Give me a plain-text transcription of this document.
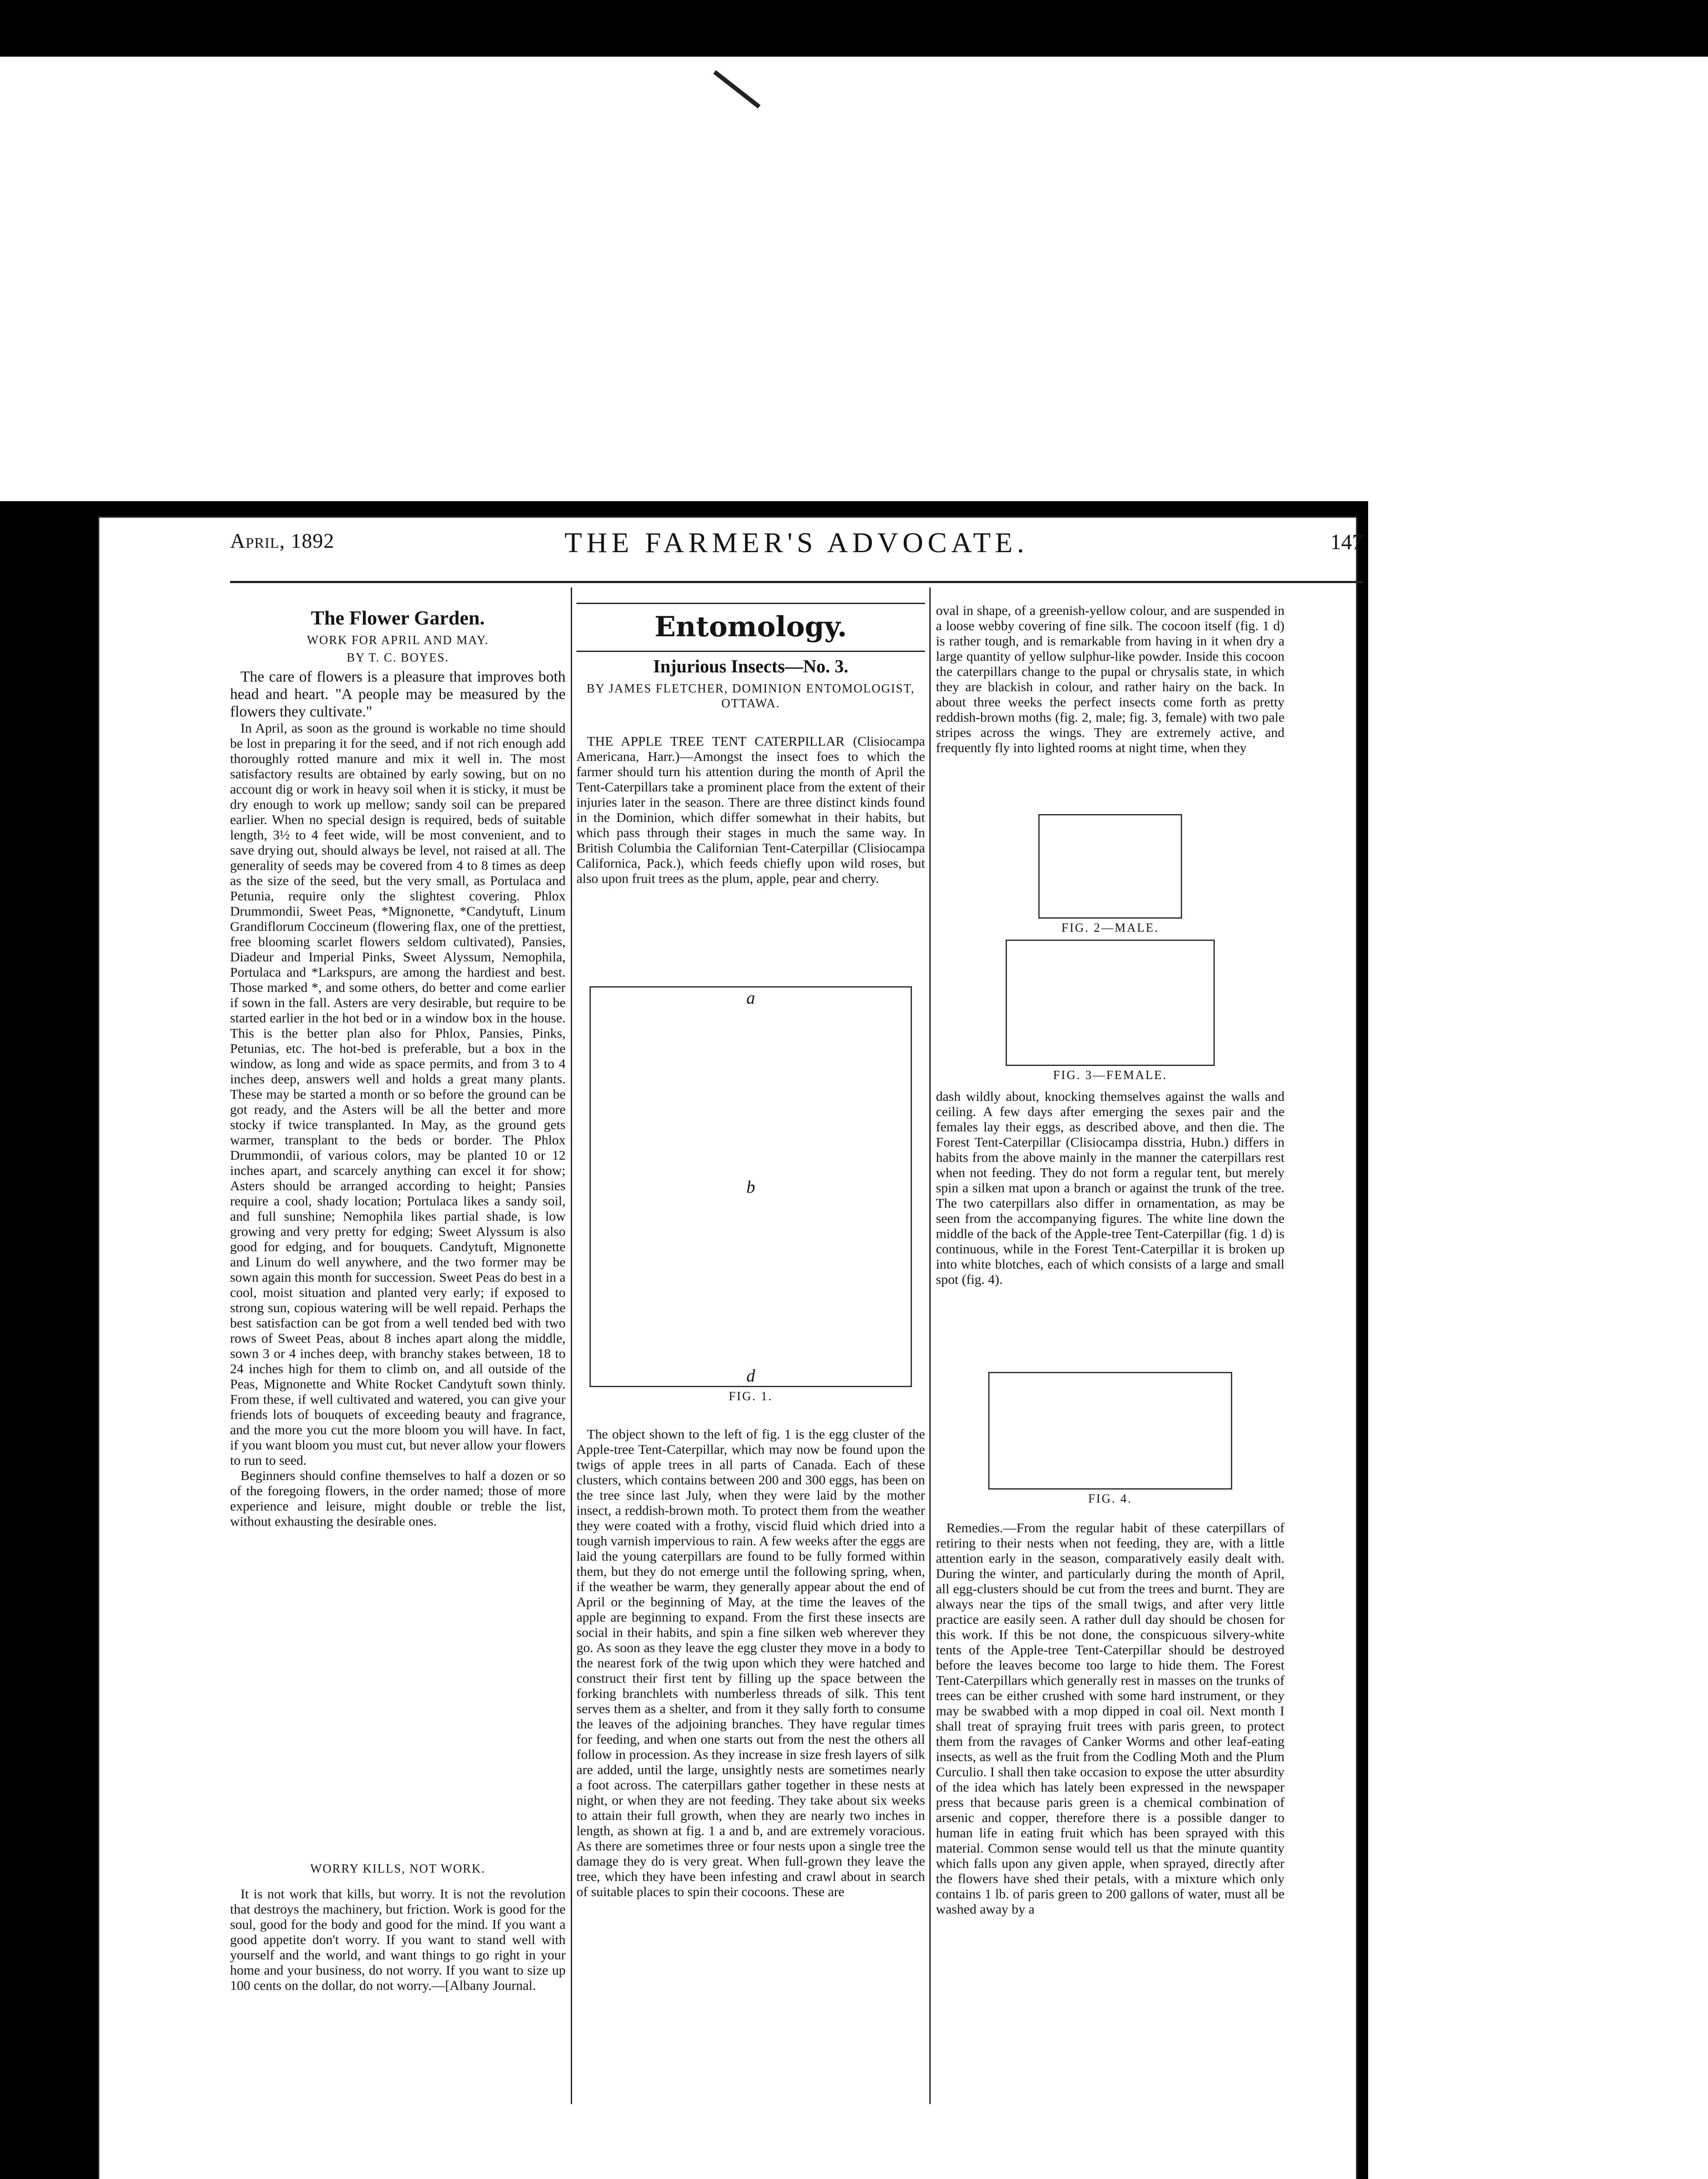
April, 1892	THE FARMER'S ADVOCATE.	147

The Flower Garden.

WORK FOR APRIL AND MAY.

BY T. C. BOYES.

The care of flowers is a pleasure that improves both head and heart. "A people may be measured by the flowers they cultivate."

In April, as soon as the ground is workable no time should be lost in preparing it for the seed, and if not rich enough add thoroughly rotted manure and mix it well in. The most satisfactory results are obtained by early sowing, but on no account dig or work in heavy soil when it is sticky, it must be dry enough to work up mellow; sandy soil can be prepared earlier. When no special design is required, beds of suitable length, 3½ to 4 feet wide, will be most convenient, and to save drying out, should always be level, not raised at all. The generality of seeds may be covered from 4 to 8 times as deep as the size of the seed, but the very small, as Portulaca and Petunia, require only the slightest covering. Phlox Drummondii, Sweet Peas, *Mignonette, *Candytuft, Linum Grandiflorum Coccineum (flowering flax, one of the prettiest, free blooming scarlet flowers seldom cultivated), Pansies, Diadeur and Imperial Pinks, Sweet Alyssum, Nemophila, Portulaca and *Larkspurs, are among the hardiest and best. Those marked *, and some others, do better and come earlier if sown in the fall. Asters are very desirable, but require to be started earlier in the hot bed or in a window box in the house. This is the better plan also for Phlox, Pansies, Pinks, Petunias, etc. The hot-bed is preferable, but a box in the window, as long and wide as space permits, and from 3 to 4 inches deep, answers well and holds a great many plants. These may be started a month or so before the ground can be got ready, and the Asters will be all the better and more stocky if twice transplanted. In May, as the ground gets warmer, transplant to the beds or border. The Phlox Drummondii, of various colors, may be planted 10 or 12 inches apart, and scarcely anything can excel it for show; Asters should be arranged according to height; Pansies require a cool, shady location; Portulaca likes a sandy soil, and full sunshine; Nemophila likes partial shade, is low growing and very pretty for edging; Sweet Alyssum is also good for edging, and for bouquets. Candytuft, Mignonette and Linum do well anywhere, and the two former may be sown again this month for succession. Sweet Peas do best in a cool, moist situation and planted very early; if exposed to strong sun, copious watering will be well repaid. Perhaps the best satisfaction can be got from a well tended bed with two rows of Sweet Peas, about 8 inches apart along the middle, sown 3 or 4 inches deep, with branchy stakes between, 18 to 24 inches high for them to climb on, and all outside of the Peas, Mignonette and White Rocket Candytuft sown thinly. From these, if well cultivated and watered, you can give your friends lots of bouquets of exceeding beauty and fragrance, and the more you cut the more bloom you will have. In fact, if you want bloom you must cut, but never allow your flowers to run to seed.

Beginners should confine themselves to half a dozen or so of the foregoing flowers, in the order named; those of more experience and leisure, might double or treble the list, without exhausting the desirable ones.

WORRY KILLS, NOT WORK.

It is not work that kills, but worry. It is not the revolution that destroys the machinery, but friction. Work is good for the soul, good for the body and good for the mind. If you want a good appetite don't worry. If you want to stand well with yourself and the world, and want things to go right in your home and your business, do not worry. If you want to size up 100 cents on the dollar, do not worry.—[Albany Journal.

Entomology.

Injurious Insects—No. 3.

BY JAMES FLETCHER, DOMINION ENTOMOLOGIST, OTTAWA.

THE APPLE TREE TENT CATERPILLAR (Clisiocampa Americana, Harr.)—Amongst the insect foes to which the farmer should turn his attention during the month of April the Tent-Caterpillars take a prominent place from the extent of their injuries later in the season. There are three distinct kinds found in the Dominion, which differ somewhat in their habits, but which pass through their stages in much the same way. In British Columbia the Californian Tent-Caterpillar (Clisiocampa Californica, Pack.), which feeds chiefly upon wild roses, but also upon fruit trees as the plum, apple, pear and cherry.

a
b
d

FIG. 1.

The object shown to the left of fig. 1 is the egg cluster of the Apple-tree Tent-Caterpillar, which may now be found upon the twigs of apple trees in all parts of Canada. Each of these clusters, which contains between 200 and 300 eggs, has been on the tree since last July, when they were laid by the mother insect, a reddish-brown moth. To protect them from the weather they were coated with a frothy, viscid fluid which dried into a tough varnish impervious to rain. A few weeks after the eggs are laid the young caterpillars are found to be fully formed within them, but they do not emerge until the following spring, when, if the weather be warm, they generally appear about the end of April or the beginning of May, at the time the leaves of the apple are beginning to expand. From the first these insects are social in their habits, and spin a fine silken web wherever they go. As soon as they leave the egg cluster they move in a body to the nearest fork of the twig upon which they were hatched and construct their first tent by filling up the space between the forking branchlets with numberless threads of silk. This tent serves them as a shelter, and from it they sally forth to consume the leaves of the adjoining branches. They have regular times for feeding, and when one starts out from the nest the others all follow in procession. As they increase in size fresh layers of silk are added, until the large, unsightly nests are sometimes nearly a foot across. The caterpillars gather together in these nests at night, or when they are not feeding. They take about six weeks to attain their full growth, when they are nearly two inches in length, as shown at fig. 1 a and b, and are extremely voracious. As there are sometimes three or four nests upon a single tree the damage they do is very great. When full-grown they leave the tree, which they have been infesting and crawl about in search of suitable places to spin their cocoons. These are

oval in shape, of a greenish-yellow colour, and are suspended in a loose webby covering of fine silk. The cocoon itself (fig. 1 d) is rather tough, and is remarkable from having in it when dry a large quantity of yellow sulphur-like powder. Inside this cocoon the caterpillars change to the pupal or chrysalis state, in which they are blackish in colour, and rather hairy on the back. In about three weeks the perfect insects come forth as pretty reddish-brown moths (fig. 2, male; fig. 3, female) with two pale stripes across the wings. They are extremely active, and frequently fly into lighted rooms at night time, when they

FIG. 2—MALE.

FIG. 3—FEMALE.

dash wildly about, knocking themselves against the walls and ceiling. A few days after emerging the sexes pair and the females lay their eggs, as described above, and then die. The Forest Tent-Caterpillar (Clisiocampa disstria, Hubn.) differs in habits from the above mainly in the manner the caterpillars rest when not feeding. They do not form a regular tent, but merely spin a silken mat upon a branch or against the trunk of the tree. The two caterpillars also differ in ornamentation, as may be seen from the accompanying figures. The white line down the middle of the back of the Apple-tree Tent-Caterpillar (fig. 1 d) is continuous, while in the Forest Tent-Caterpillar it is broken up into white blotches, each of which consists of a large and small spot (fig. 4).

FIG. 4.

Remedies.—From the regular habit of these caterpillars of retiring to their nests when not feeding, they are, with a little attention early in the season, comparatively easily dealt with. During the winter, and particularly during the month of April, all egg-clusters should be cut from the trees and burnt. They are always near the tips of the small twigs, and after very little practice are easily seen. A rather dull day should be chosen for this work. If this be not done, the conspicuous silvery-white tents of the Apple-tree Tent-Caterpillar should be destroyed before the leaves become too large to hide them. The Forest Tent-Caterpillars which generally rest in masses on the trunks of trees can be either crushed with some hard instrument, or they may be swabbed with a mop dipped in coal oil. Next month I shall treat of spraying fruit trees with paris green, to protect them from the ravages of Canker Worms and other leaf-eating insects, as well as the fruit from the Codling Moth and the Plum Curculio. I shall then take occasion to expose the utter absurdity of the idea which has lately been expressed in the newspaper press that because paris green is a chemical combination of arsenic and copper, therefore there is a possible danger to human life in eating fruit which has been sprayed with this material. Common sense would tell us that the minute quantity which falls upon any given apple, when sprayed, directly after the flowers have shed their petals, with a mixture which only contains 1 lb. of paris green to 200 gallons of water, must all be washed away by a
